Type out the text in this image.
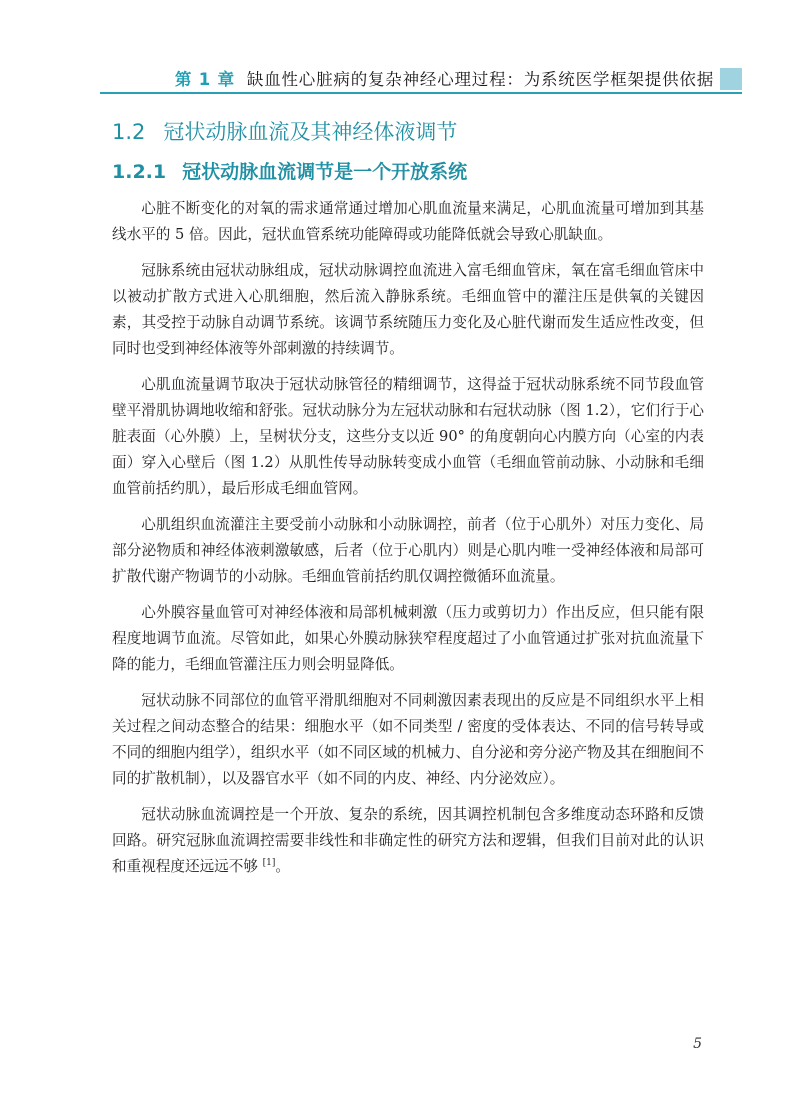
第 1 章 缺血性心脏病的复杂神经心理过程：为系统医学框架提供依据
1.2 冠状动脉血流及其神经体液调节
1.2.1 冠状动脉血流调节是一个开放系统

心脏不断变化的对氧的需求通常通过增加心肌血流量来满足，心肌血流量可增加到其基线水平的 5 倍。因此，冠状血管系统功能障碍或功能降低就会导致心肌缺血。

冠脉系统由冠状动脉组成，冠状动脉调控血流进入富毛细血管床，氧在富毛细血管床中以被动扩散方式进入心肌细胞，然后流入静脉系统。毛细血管中的灌注压是供氧的关键因素，其受控于动脉自动调节系统。该调节系统随压力变化及心脏代谢而发生适应性改变，但同时也受到神经体液等外部刺激的持续调节。

心肌血流量调节取决于冠状动脉管径的精细调节，这得益于冠状动脉系统不同节段血管壁平滑肌协调地收缩和舒张。冠状动脉分为左冠状动脉和右冠状动脉（图 1.2），它们行于心脏表面（心外膜）上，呈树状分支，这些分支以近 90° 的角度朝向心内膜方向（心室的内表面）穿入心壁后（图 1.2）从肌性传导动脉转变成小血管（毛细血管前动脉、小动脉和毛细血管前括约肌），最后形成毛细血管网。

心肌组织血流灌注主要受前小动脉和小动脉调控，前者（位于心肌外）对压力变化、局部分泌物质和神经体液刺激敏感，后者（位于心肌内）则是心肌内唯一受神经体液和局部可扩散代谢产物调节的小动脉。毛细血管前括约肌仅调控微循环血流量。

心外膜容量血管可对神经体液和局部机械刺激（压力或剪切力）作出反应，但只能有限程度地调节血流。尽管如此，如果心外膜动脉狭窄程度超过了小血管通过扩张对抗血流量下降的能力，毛细血管灌注压力则会明显降低。

冠状动脉不同部位的血管平滑肌细胞对不同刺激因素表现出的反应是不同组织水平上相关过程之间动态整合的结果：细胞水平（如不同类型 / 密度的受体表达、不同的信号转导或不同的细胞内组学），组织水平（如不同区域的机械力、自分泌和旁分泌产物及其在细胞间不同的扩散机制），以及器官水平（如不同的内皮、神经、内分泌效应）。

冠状动脉血流调控是一个开放、复杂的系统，因其调控机制包含多维度动态环路和反馈回路。研究冠脉血流调控需要非线性和非确定性的研究方法和逻辑，但我们目前对此的认识和重视程度还远远不够 [1]。

5
